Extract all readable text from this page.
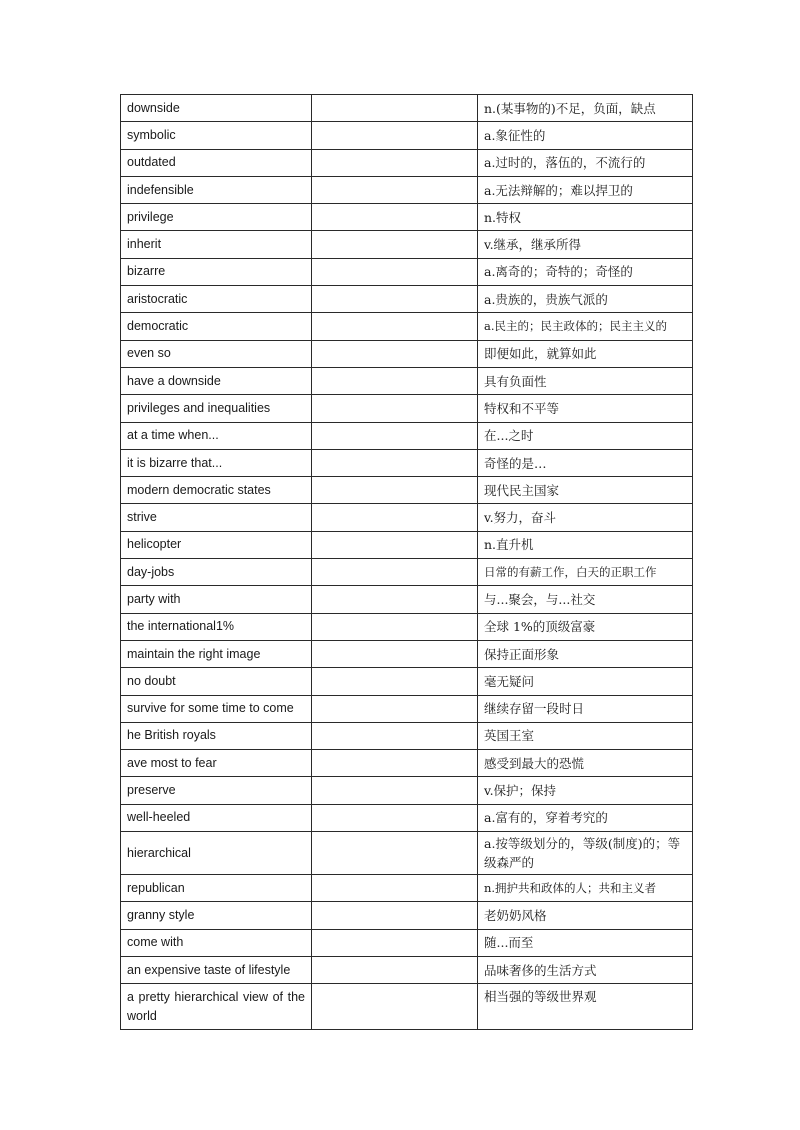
downside		n.(某事物的)不足，负面，缺点
symbolic		a.象征性的
outdated		a.过时的，落伍的，不流行的
indefensible		a.无法辩解的；难以捍卫的
privilege		n.特权
inherit		v.继承，继承所得
bizarre		a.离奇的；奇特的；奇怪的
aristocratic		a.贵族的，贵族气派的
democratic		a.民主的；民主政体的；民主主义的
even so		即便如此，就算如此
have a downside		具有负面性
privileges and inequalities		特权和不平等
at a time when...		在...之时
it is bizarre that...		奇怪的是…
modern democratic states		现代民主国家
strive		v.努力，奋斗
helicopter		n.直升机
day-jobs		日常的有薪工作，白天的正职工作
party with		与...聚会，与...社交
the international1%		全球 1%的顶级富豪
maintain the right image		保持正面形象
no doubt		毫无疑问
survive for some time to come		继续存留一段时日
he British royals		英国王室
ave most to fear		感受到最大的恐慌
preserve		v.保护；保持
well-heeled		a.富有的，穿着考究的
hierarchical		a.按等级划分的，等级(制度)的；等级森严的
republican		n.拥护共和政体的人；共和主义者
granny style		老奶奶风格
come with		随...而至
an expensive taste of lifestyle		品味奢侈的生活方式
a pretty hierarchical view of the world		相当强的等级世界观
